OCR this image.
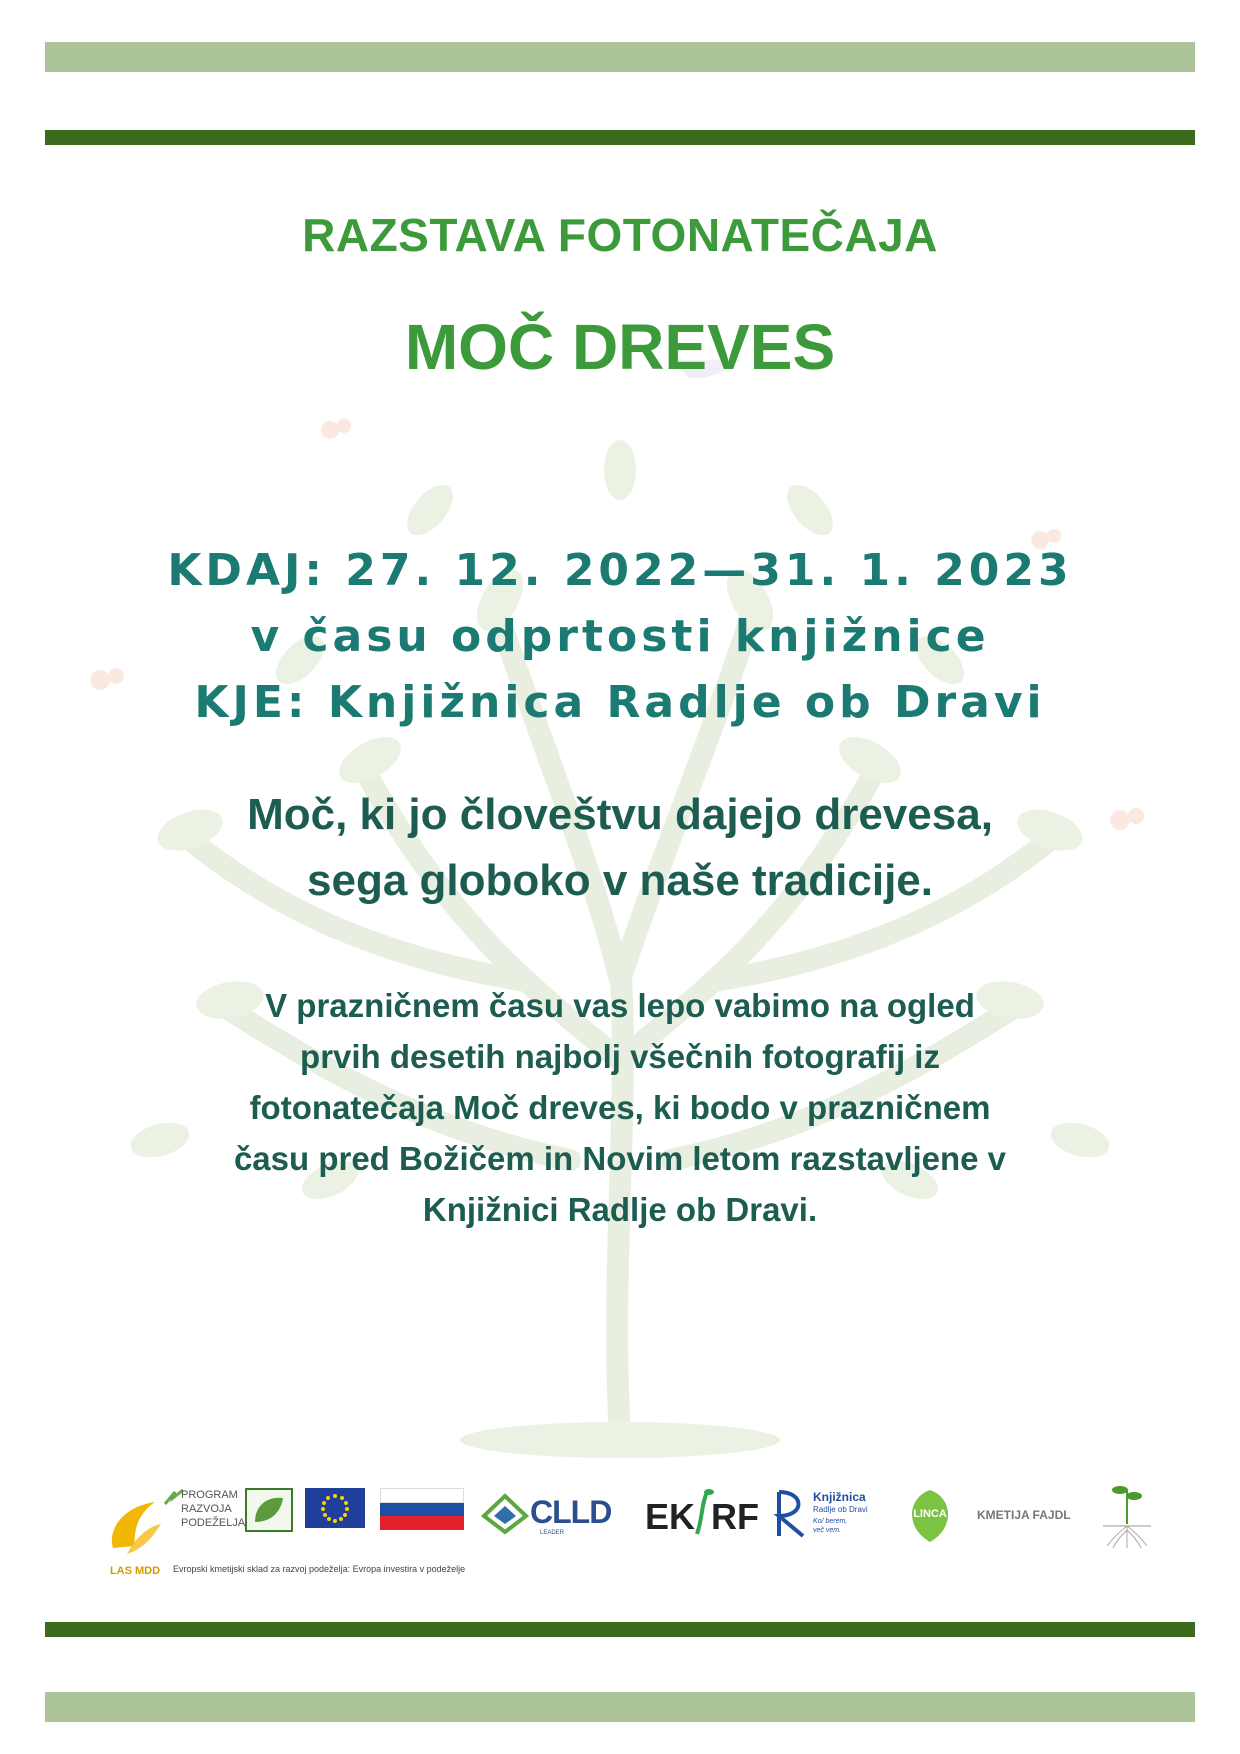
RAZSTAVA FOTONATEČAJA
MOČ DREVES
KDAJ: 27. 12. 2022—31. 1. 2023
v času odprtosti knjižnice
KJE: Knjižnica Radlje ob Dravi
Moč, ki jo človeštvu dajejo drevesa,
sega globoko v naše tradicije.
V prazničnem času vas lepo vabimo na ogled
prvih desetih najbolj všečnih fotografij iz
fotonatečaja Moč dreves, ki bodo v prazničnem
času pred Božičem in Novim letom razstavljene v
Knjižnici Radlje ob Dravi.
LAS MDD
PROGRAM
RAZVOJA
PODEŽELJA
Evropski kmetijski sklad za razvoj podeželja: Evropa investira v podeželje
CLLD
LEADER EK RF	Knjižnica
Radlje ob Dravi
Ko/ berem,
več vem.
LINCA	KMETIJA FAJDL
